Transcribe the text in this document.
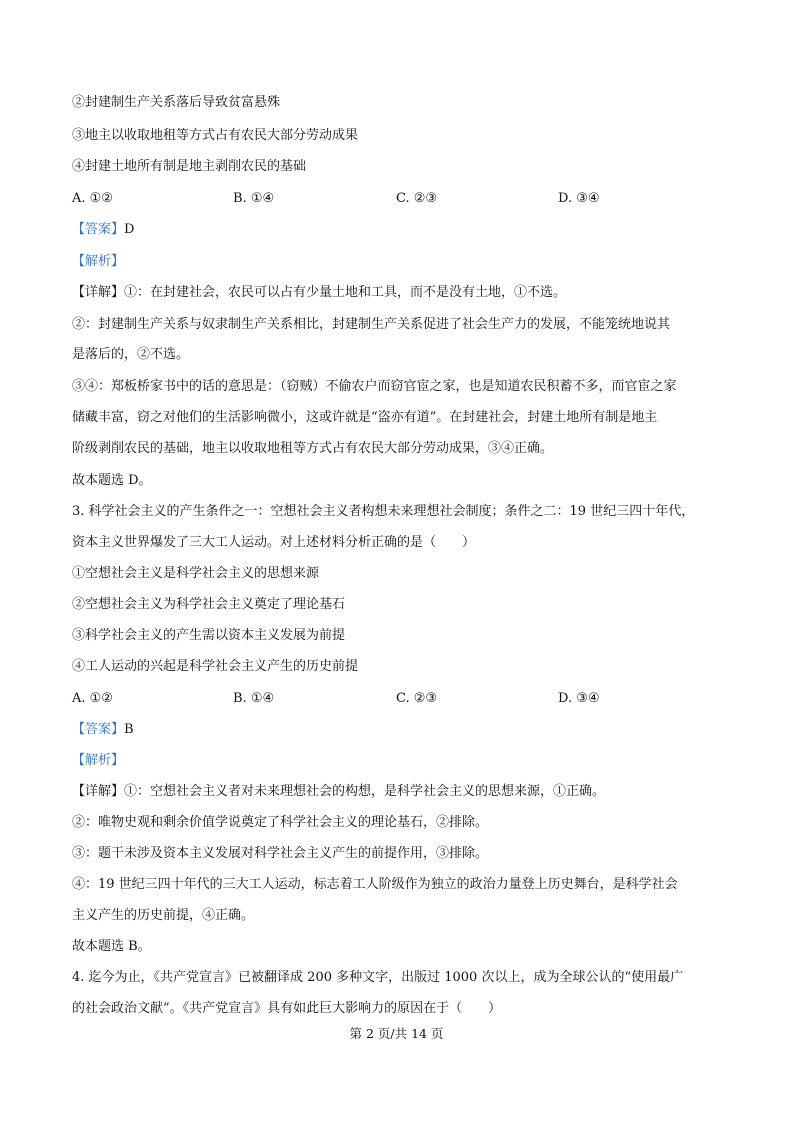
②封建制生产关系落后导致贫富悬殊
③地主以收取地租等方式占有农民大部分劳动成果
④封建土地所有制是地主剥削农民的基础
A. ①②	B. ①④	C. ②③	D. ③④
【答案】D
【解析】
【详解】①：在封建社会，农民可以占有少量土地和工具，而不是没有土地，①不选。
②：封建制生产关系与奴隶制生产关系相比，封建制生产关系促进了社会生产力的发展，不能笼统地说其
是落后的，②不选。
③④：郑板桥家书中的话的意思是：（窃贼）不偷农户而窃官宦之家，也是知道农民积蓄不多，而官宦之家
储藏丰富，窃之对他们的生活影响微小，这或许就是“盗亦有道”。在封建社会，封建土地所有制是地主
阶级剥削农民的基础，地主以收取地租等方式占有农民大部分劳动成果，③④正确。
故本题选 D。
3. 科学社会主义的产生条件之一：空想社会主义者构想未来理想社会制度；条件之二：19 世纪三四十年代，
资本主义世界爆发了三大工人运动。对上述材料分析正确的是（　　）
①空想社会主义是科学社会主义的思想来源
②空想社会主义为科学社会主义奠定了理论基石
③科学社会主义的产生需以资本主义发展为前提
④工人运动的兴起是科学社会主义产生的历史前提
A. ①②	B. ①④	C. ②③	D. ③④
【答案】B
【解析】
【详解】①：空想社会主义者对未来理想社会的构想，是科学社会主义的思想来源，①正确。
②：唯物史观和剩余价值学说奠定了科学社会主义的理论基石，②排除。
③：题干未涉及资本主义发展对科学社会主义产生的前提作用，③排除。
④：19 世纪三四十年代的三大工人运动，标志着工人阶级作为独立的政治力量登上历史舞台，是科学社会
主义产生的历史前提，④正确。
故本题选 B。
4. 迄今为止，《共产党宣言》已被翻译成 200 多种文字，出版过 1000 次以上，成为全球公认的“使用最广
的社会政治文献”。《共产党宣言》具有如此巨大影响力的原因在于（　　）
第 2 页/共 14 页
